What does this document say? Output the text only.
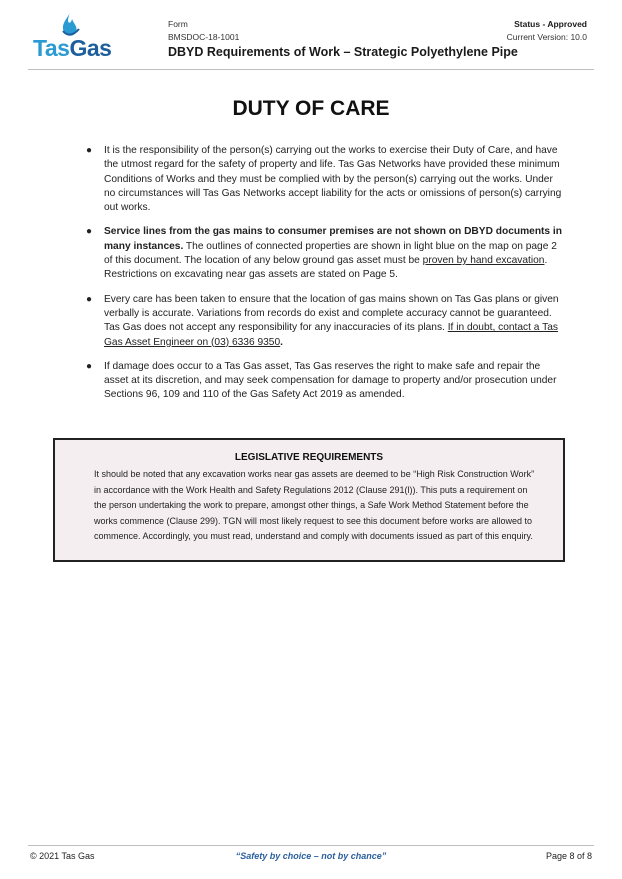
TasGas
Form
BMSDOC-18-1001
DBYD Requirements of Work – Strategic Polyethylene Pipe
Status - Approved
Current Version: 10.0
DUTY OF CARE
● It is the responsibility of the person(s) carrying out the works to exercise their Duty of Care, and have the utmost regard for the safety of property and life. Tas Gas Networks have provided these minimum Conditions of Works and they must be complied with by the person(s) carrying out the works. Under no circumstances will Tas Gas Networks accept liability for the acts or omissions of person(s) carrying out works.
● Service lines from the gas mains to consumer premises are not shown on DBYD documents in many instances. The outlines of connected properties are shown in light blue on the map on page 2 of this document. The location of any below ground gas asset must be proven by hand excavation. Restrictions on excavating near gas assets are stated on Page 5.
● Every care has been taken to ensure that the location of gas mains shown on Tas Gas plans or given verbally is accurate. Variations from records do exist and complete accuracy cannot be guaranteed. Tas Gas does not accept any responsibility for any inaccuracies of its plans. If in doubt, contact a Tas Gas Asset Engineer on (03) 6336 9350.
● If damage does occur to a Tas Gas asset, Tas Gas reserves the right to make safe and repair the asset at its discretion, and may seek compensation for damage to property and/or prosecution under Sections 96, 109 and 110 of the Gas Safety Act 2019 as amended.
LEGISLATIVE REQUIREMENTS
It should be noted that any excavation works near gas assets are deemed to be “High Risk Construction Work” in accordance with the Work Health and Safety Regulations 2012 (Clause 291(l)). This puts a requirement on the person undertaking the work to prepare, amongst other things, a Safe Work Method Statement before the works commence (Clause 299). TGN will most likely request to see this document before works are allowed to commence. Accordingly, you must read, understand and comply with documents issued as part of this enquiry.
© 2021 Tas Gas	“Safety by choice – not by chance”	Page 8 of 8
